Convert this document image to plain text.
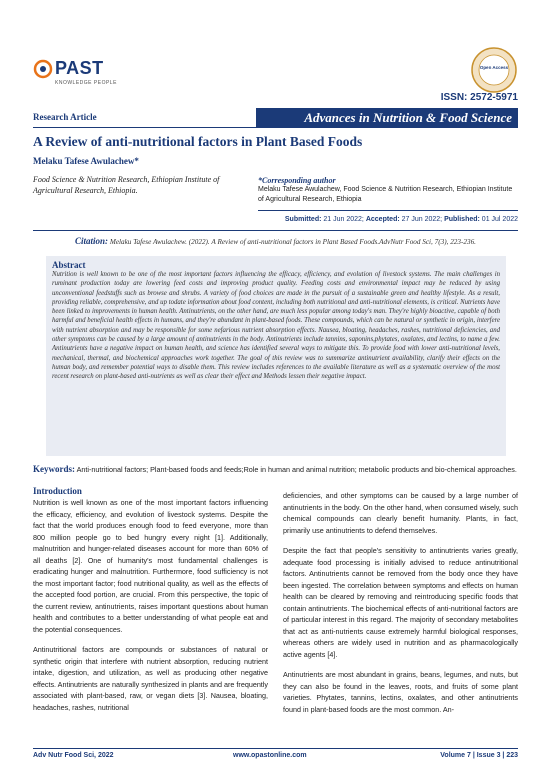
PAST
KNOWLEDGE PEOPLE
Open Access
ISSN: 2572-5971
Research Article	Advances in Nutrition & Food Science
A Review of anti-nutritional factors in Plant Based Foods
Melaku Tafese Awulachew*
Food Science & Nutrition Research, Ethiopian Institute of Agricultural Research, Ethiopia.
*Corresponding author
Melaku Tafese Awulachew, Food Science & Nutrition Research, Ethiopian Institute of Agricultural Research, Ethiopia
Submitted: 21 Jun 2022; Accepted: 27 Jun 2022; Published: 01 Jul 2022
Citation: Melaku Tafese Awulachew. (2022). A Review of anti-nutritional factors in Plant Based Foods.AdvNutr Food Sci, 7(3), 223-236.
Abstract
Nutrition is well known to be one of the most important factors influencing the efficacy, efficiency, and evolution of livestock systems. The main challenges in ruminant production today are lowering feed costs and improving product quality. Feeding costs and environmental impact may be reduced by using unconventional feedstuffs such as browse and shrubs. A variety of food choices are made in the pursuit of a sustainable green and healthy lifestyle. As a result, providing reliable, comprehensive, and up todate information about food content, including both nutritional and anti-nutritional elements, is critical. Nutrients have been linked to improvements in human health. Antinutrients, on the other hand, are much less popular among today's man. They're highly bioactive, capable of both harmful and beneficial health effects in humans, and they're abundant in plant-based foods. These compounds, which can be natural or synthetic in origin, interfere with nutrient absorption and may be responsible for some nefarious nutrient absorption effects. Nausea, bloating, headaches, rashes, nutritional deficiencies, and other symptoms can be caused by a large amount of antinutrients in the body. Antinutrients include tannins, saponins,phytates, oxalates, and lectins, to name a few. Antinutrients have a negative impact on human health, and science has identified several ways to mitigate this. To provide food with lower anti-nutritional levels, mechanical, thermal, and biochemical approaches work together. The goal of this review was to summarize antinutrient availability, clarify their effects on the human body, and remember potential ways to disable them. This review includes references to the available literature as well as a systematic overview of the most recent research on plant-based anti-nutrients as well as clear their effect and Methods lessen their negative impact.
Keywords: Anti-nutritional factors; Plant-based foods and feeds;Role in human and animal nutrition; metabolic products and bio-chemical approaches.
Introduction

Nutrition is well known as one of the most important factors influencing the efficacy, efficiency, and evolution of livestock systems. Despite the fact that the world produces enough food to feed everyone, more than 800 million people go to bed hungry every night [1]. Additionally, malnutrition and hunger-related diseases account for more than 60% of all deaths [2]. One of humanity's most fundamental challenges is eradicating hunger and malnutrition. Furthermore, food sufficiency is not the most important factor; food nutritional quality, as well as the effects of the accepted food portion, are crucial. From this perspective, the topic of the current review, antinutrients, raises important questions about human health and contributes to a better understanding of what people eat and the potential consequences.

Antinutritional factors are compounds or substances of natural or synthetic origin that interfere with nutrient absorption, reducing nutrient intake, digestion, and utilization, as well as producing other negative effects. Antinutrients are naturally synthesized in plants and are frequently associated with plant-based, raw, or vegan diets [3]. Nausea, bloating, headaches, rashes, nutritional

deficiencies, and other symptoms can be caused by a large number of antinutrients in the body. On the other hand, when consumed wisely, such chemical compounds can clearly benefit humanity. Plants, in fact, primarily use antinutrients to defend themselves.

Despite the fact that people's sensitivity to antinutrients varies greatly, adequate food processing is initially advised to reduce antinutritional factors. Antinutrients cannot be removed from the body once they have been ingested. The correlation between symptoms and effects on human health can be cleared by removing and reintroducing specific foods that contain antinutrients. The biochemical effects of anti-nutritional factors are of particular interest in this regard. The majority of secondary metabolites that act as anti-nutrients cause extremely harmful biological responses, whereas others are widely used in nutrition and as pharmacologically active agents [4].

Antinutrients are most abundant in grains, beans, legumes, and nuts, but they can also be found in the leaves, roots, and fruits of some plant varieties. Phytates, tannins, lectins, oxalates, and other antinutrients found in plant-based foods are the most common. An-

Adv Nutr Food Sci, 2022	www.opastonline.com	Volume 7 | Issue 3 | 223
